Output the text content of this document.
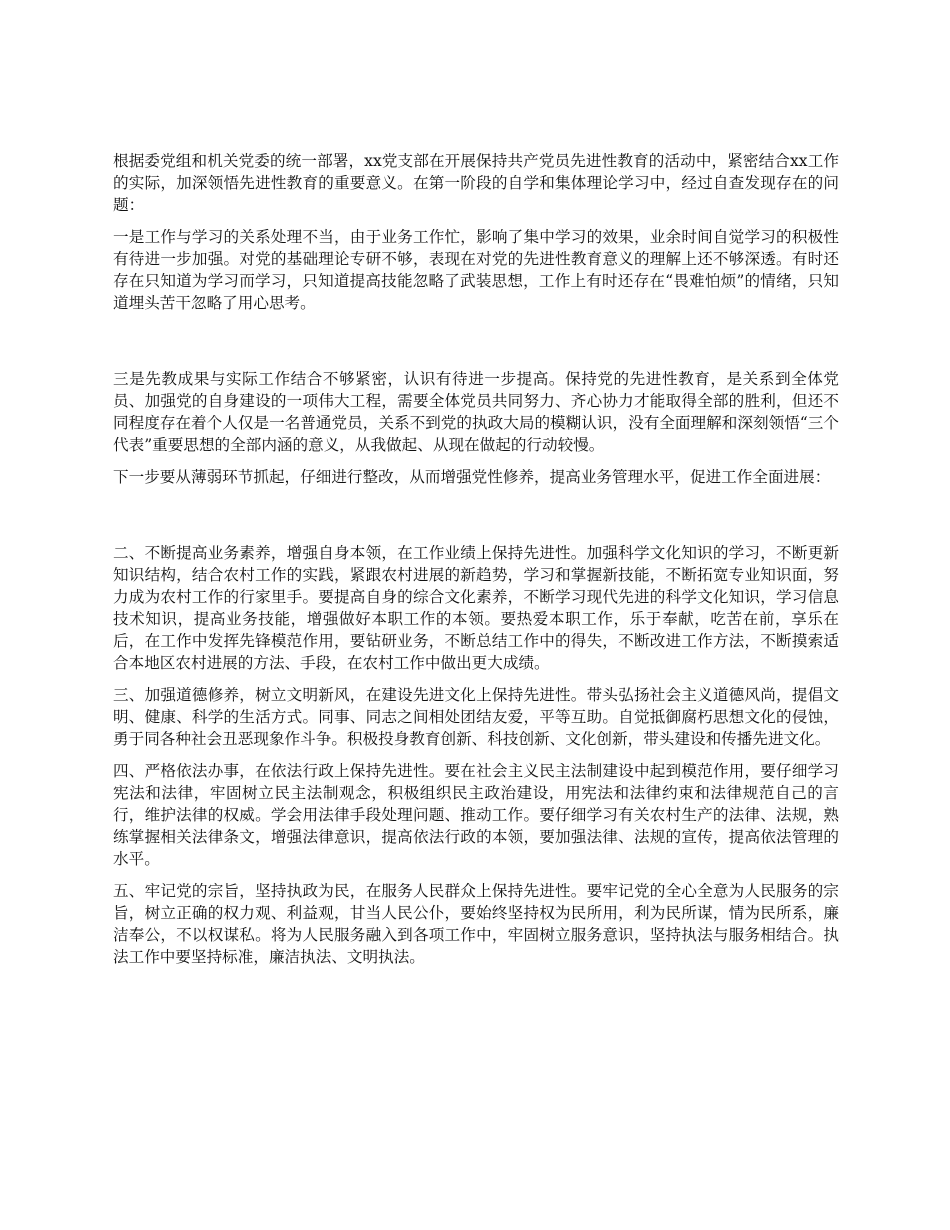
根据委党组和机关党委的统一部署，xx党支部在开展保持共产党员先进性教育的活动中，紧密结合xx工作的实际，加深领悟先进性教育的重要意义。在第一阶段的自学和集体理论学习中，经过自查发现存在的问题：

一是工作与学习的关系处理不当，由于业务工作忙，影响了集中学习的效果，业余时间自觉学习的积极性有待进一步加强。对党的基础理论专研不够，表现在对党的先进性教育意义的理解上还不够深透。有时还存在只知道为学习而学习，只知道提高技能忽略了武装思想，工作上有时还存在“畏难怕烦”的情绪，只知道埋头苦干忽略了用心思考。

三是先教成果与实际工作结合不够紧密，认识有待进一步提高。保持党的先进性教育，是关系到全体党员、加强党的自身建设的一项伟大工程，需要全体党员共同努力、齐心协力才能取得全部的胜利，但还不同程度存在着个人仅是一名普通党员，关系不到党的执政大局的模糊认识，没有全面理解和深刻领悟“三个代表”重要思想的全部内涵的意义，从我做起、从现在做起的行动较慢。

下一步要从薄弱环节抓起，仔细进行整改，从而增强党性修养，提高业务管理水平，促进工作全面进展：

二、不断提高业务素养，增强自身本领，在工作业绩上保持先进性。加强科学文化知识的学习，不断更新知识结构，结合农村工作的实践，紧跟农村进展的新趋势，学习和掌握新技能，不断拓宽专业知识面，努力成为农村工作的行家里手。要提高自身的综合文化素养，不断学习现代先进的科学文化知识，学习信息技术知识，提高业务技能，增强做好本职工作的本领。要热爱本职工作，乐于奉献，吃苦在前，享乐在后，在工作中发挥先锋模范作用，要钻研业务，不断总结工作中的得失，不断改进工作方法，不断摸索适合本地区农村进展的方法、手段，在农村工作中做出更大成绩。

三、加强道德修养，树立文明新风，在建设先进文化上保持先进性。带头弘扬社会主义道德风尚，提倡文明、健康、科学的生活方式。同事、同志之间相处团结友爱，平等互助。自觉抵御腐朽思想文化的侵蚀，勇于同各种社会丑恶现象作斗争。积极投身教育创新、科技创新、文化创新，带头建设和传播先进文化。

四、严格依法办事，在依法行政上保持先进性。要在社会主义民主法制建设中起到模范作用，要仔细学习宪法和法律，牢固树立民主法制观念，积极组织民主政治建设，用宪法和法律约束和法律规范自己的言行，维护法律的权威。学会用法律手段处理问题、推动工作。要仔细学习有关农村生产的法律、法规，熟练掌握相关法律条文，增强法律意识，提高依法行政的本领，要加强法律、法规的宣传，提高依法管理的水平。

五、牢记党的宗旨，坚持执政为民，在服务人民群众上保持先进性。要牢记党的全心全意为人民服务的宗旨，树立正确的权力观、利益观，甘当人民公仆，要始终坚持权为民所用，利为民所谋，情为民所系，廉洁奉公，不以权谋私。将为人民服务融入到各项工作中，牢固树立服务意识，坚持执法与服务相结合。执法工作中要坚持标准，廉洁执法、文明执法。
